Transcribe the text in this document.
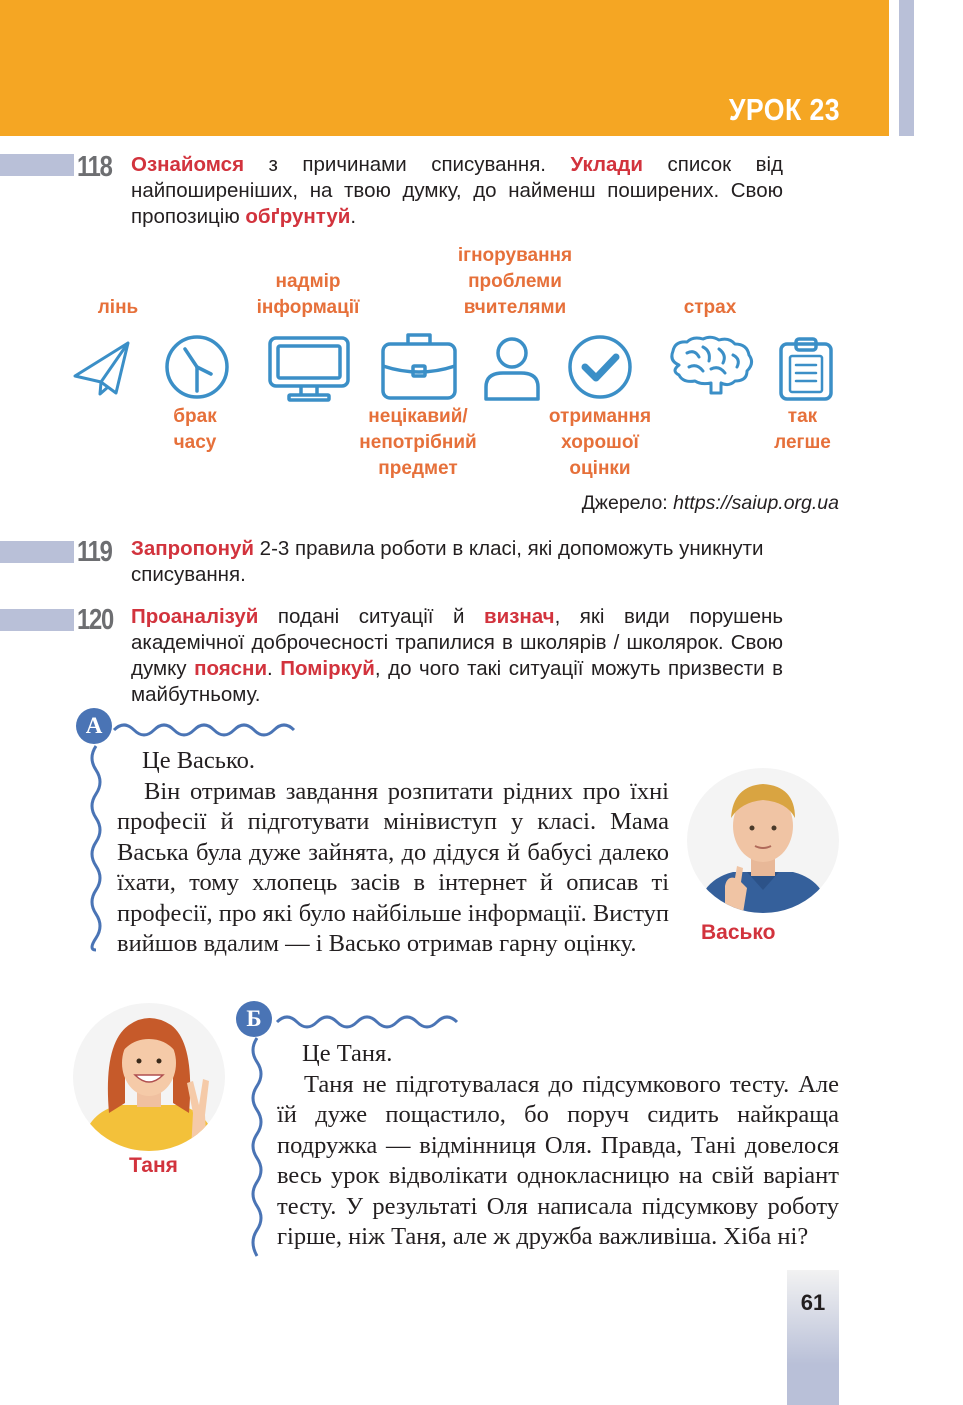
УРОК 23
118 Ознайомся з причинами списування. Уклади список від найпоширеніших, на твою думку, до найменш поширених. Свою пропозицію обґрунтуй.
лінь
надмір
інформації
ігнорування
проблеми
вчителями	страх
брак
часу
нецікавий/
непотрібний
предмет
отримання
хорошої
оцінки
так
легше
Джерело: https://saiup.org.ua
119 Запропонуй 2-3 правила роботи в класі, які допоможуть уникнути списування.
120 Проаналізуй подані ситуації й визнач, які види порушень академічної доброчесності трапилися в школярів / школярок. Свою думку поясни. Поміркуй, до чого такі ситуації можуть призвести в майбутньому.
А

Це Васько.

Він отримав завдання розпитати рідних про їхні професії й підготувати мінівиступ у класі. Мама Васька була дуже зайнята, до дідуся й бабусі далеко їхати, тому хлопець засів в інтернет й описав ті професії, про які було найбільше інформації. Виступ вийшов вдалим — і Васько отримав гарну оцінку.	Васько
Б

Це Таня.

Таня не підготувалася до підсумкового тесту. Але їй дуже пощастило, бо поруч сидить найкраща подружка — відмінниця Оля. Правда, Тані довелося весь урок відволікати однокласницю на свій варіант тесту. У результаті Оля написала підсумкову роботу гірше, ніж Таня, але ж дружба важливіша. Хіба ні?

Таня
61
